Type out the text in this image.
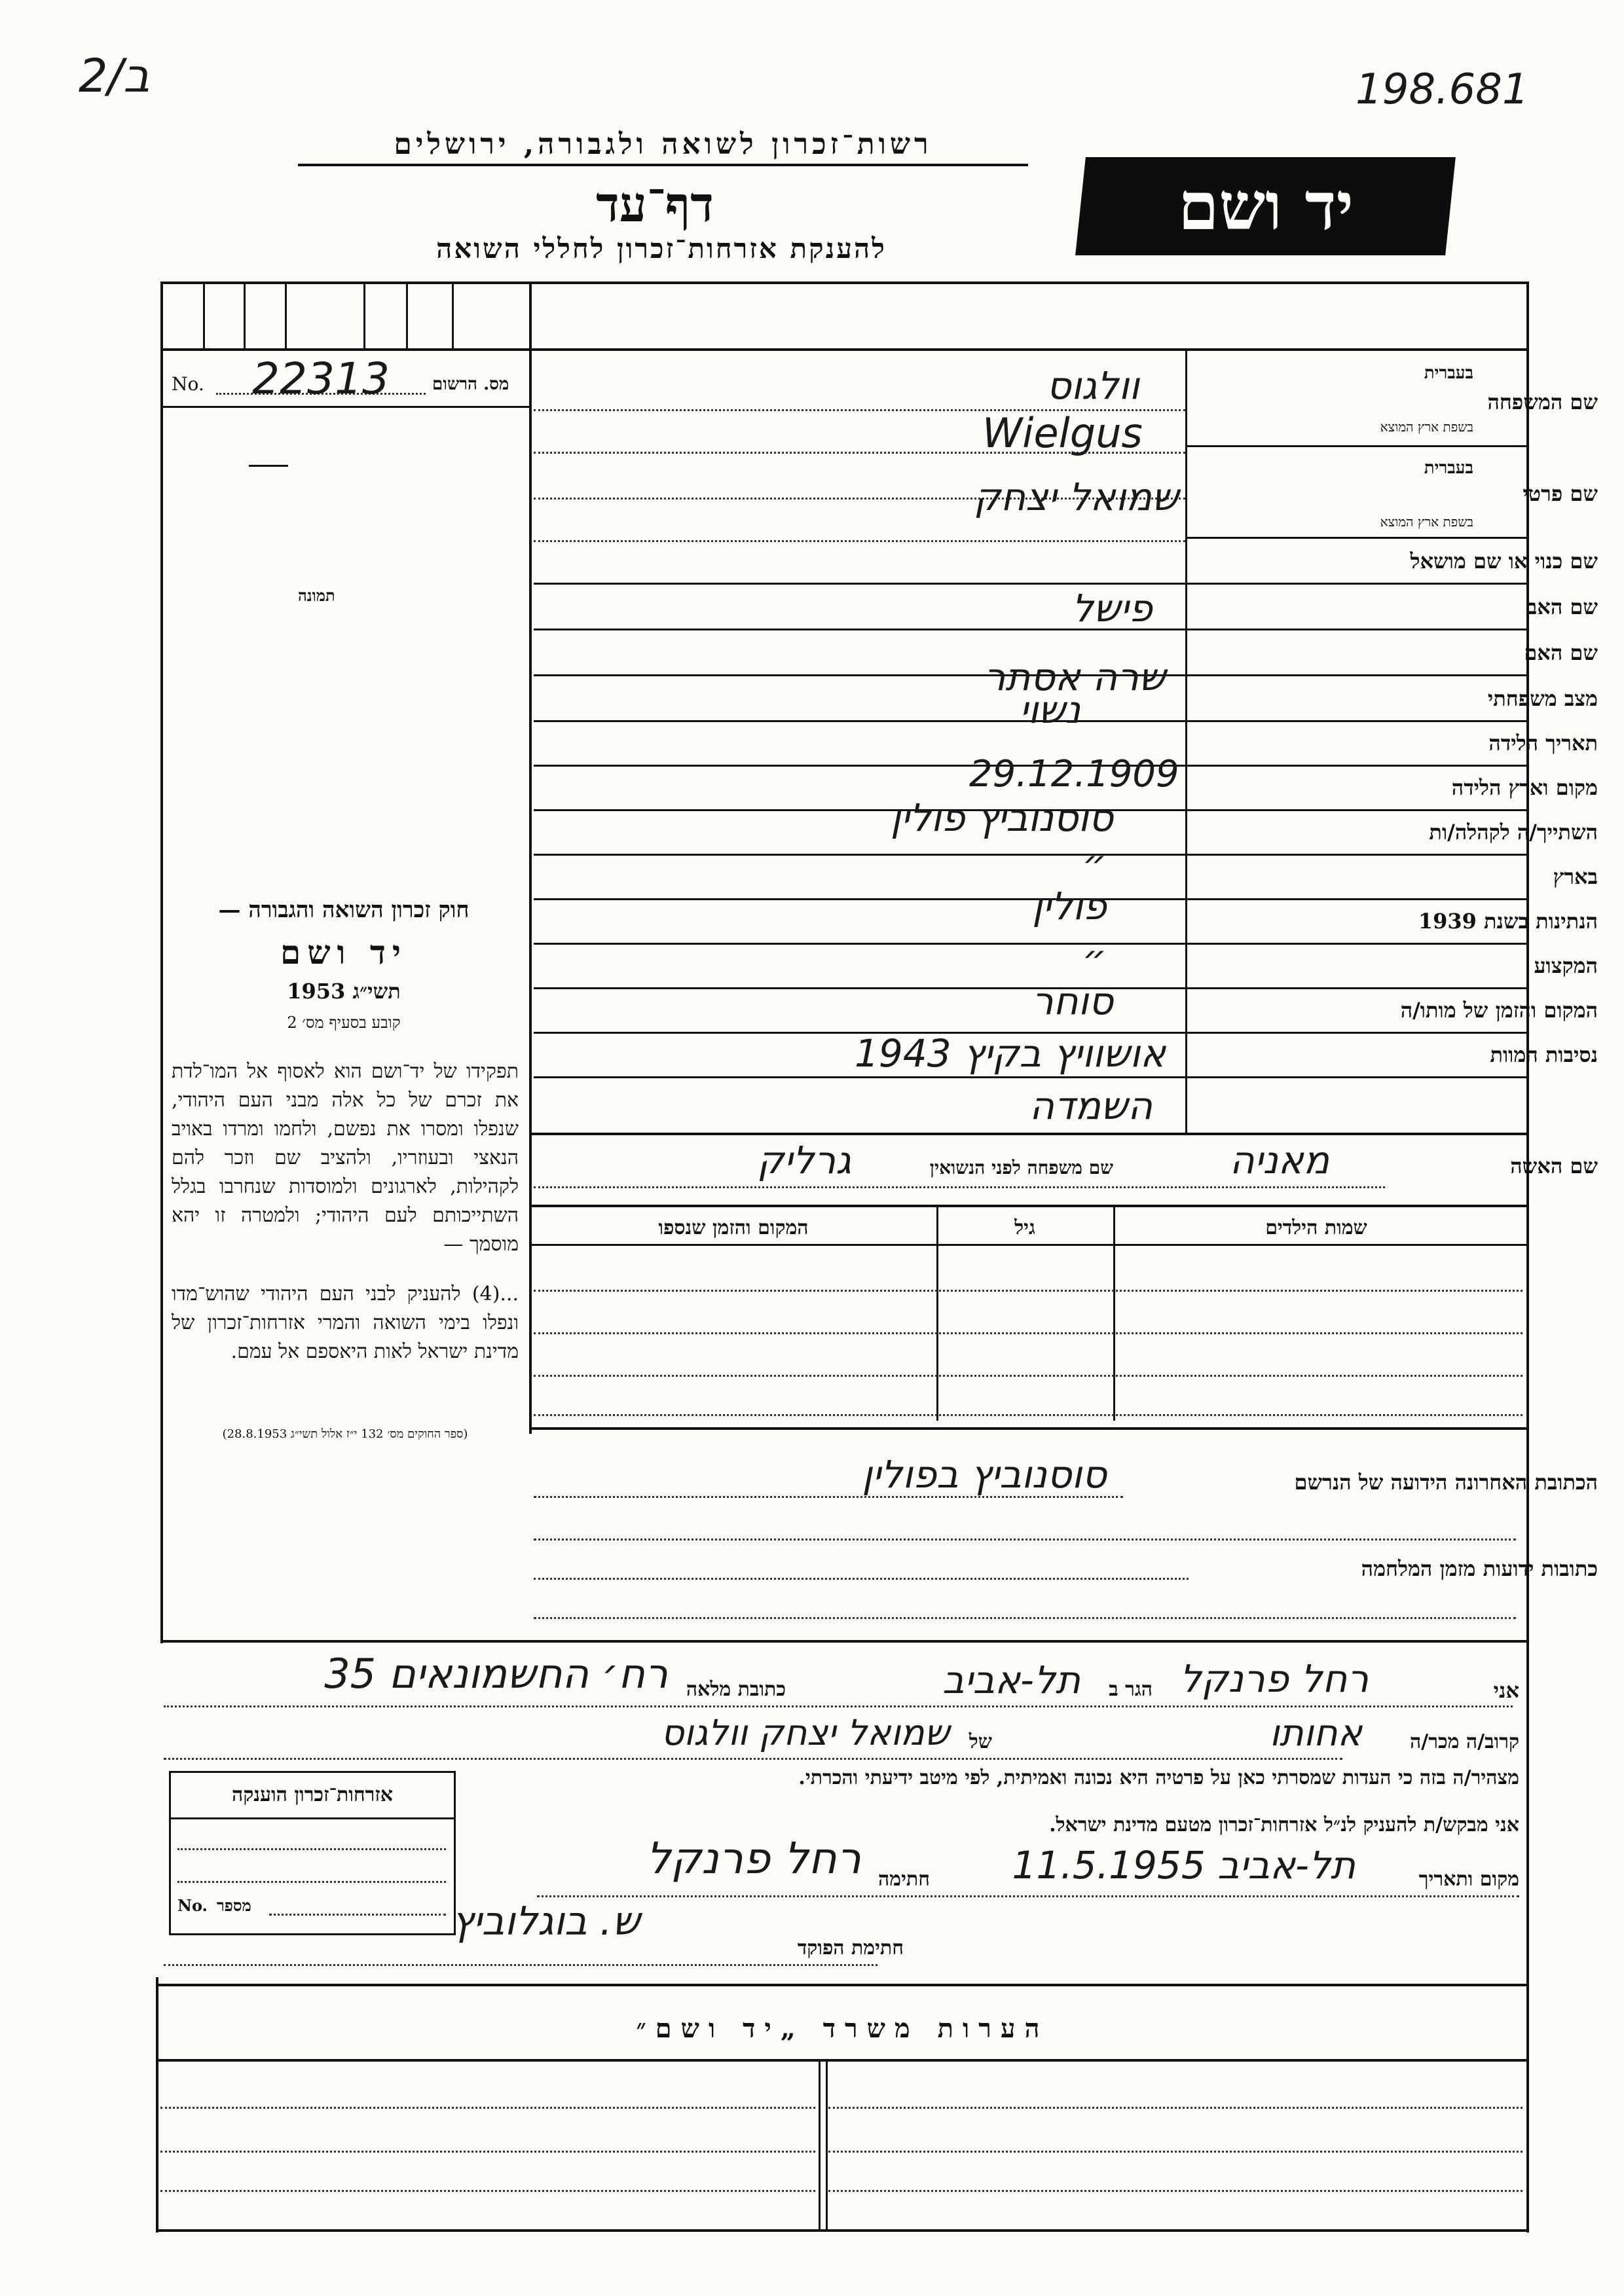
2/ב	198.681
רשות־זכרון לשואה ולגבורה, ירושלים
דף־עד
להענקת אזרחות־זכרון לחללי השואה
יד ושם
No. 22313	מס. הרשום
תמונה
חוק זכרון השואה והגבורה —
יד ושם
תשי״ג 1953
קובע בסעיף מס׳ 2
תפקידו של יד־ושם הוא לאסוף אל המו־לדת את זכרם של כל אלה מבני העם היהודי, שנפלו ומסרו את נפשם, ולחמו ומרדו באויב הנאצי ובעוזריו, ולהציב שם וזכר להם לקהילות, לארגונים ולמוסדות שנחרבו בגלל השתייכותם לעם היהודי; ולמטרה זו יהא מוסמך —
...(4) להעניק לבני העם היהודי שהוש־מדו ונפלו בימי השואה והמרי אזרחות־זכרון של מדינת ישראל לאות היאספם אל עמם.
(ספר החוקים מס׳ 132 י״ז אלול תשי״ג 28.8.1953)
שם המשפחה
בעברית
בשפת ארץ המוצא
שם פרטי
בעברית
בשפת ארץ המוצא
שם כנוי או שם מושאל
שם האב
שם האם
מצב משפחתי
תאריך הלידה
מקום וארץ הלידה
השתייך/ה לקהלה/ות
בארץ
הנתינות בשנת 1939
המקצוע
המקום והזמן של מותו/ה
נסיבות המוות
וולגוס
Wielgus
שמואל יצחק
פישל
שרה אסתר
נשוי
29.12.1909
סוסנוביץ פולין
״
פולין
״
סוחר
אושוויץ בקיץ 1943
השמדה
שם האשה
מאניה
שם משפחה לפני הנשואין
גרליק
שמות הילדים
גיל
המקום והזמן שנספו
הכתובת האחרונה הידועה של הנרשם
סוסנוביץ בפולין
כתובות ידועות מזמן המלחמה
אני
רחל פרנקל
הגר ב
תל-אביב
כתובת מלאה
רח׳ החשמונאים 35
קרוב/ה מכר/ה
אחותו
של
שמואל יצחק וולגוס
מצהיר/ה בזה כי העדות שמסרתי כאן על פרטיה היא נכונה ואמיתית, לפי מיטב ידיעתי והכרתי.
אני מבקש/ת להעניק לנ״ל אזרחות־זכרון מטעם מדינת ישראל.
מקום ותאריך
תל-אביב 11.5.1955
חתימה
רחל פרנקל
חתימת הפוקד
ש. בוגלוביץ
אזרחות־זכרון הוענקה
No. מספר
הערות משרד „יד ושם״
